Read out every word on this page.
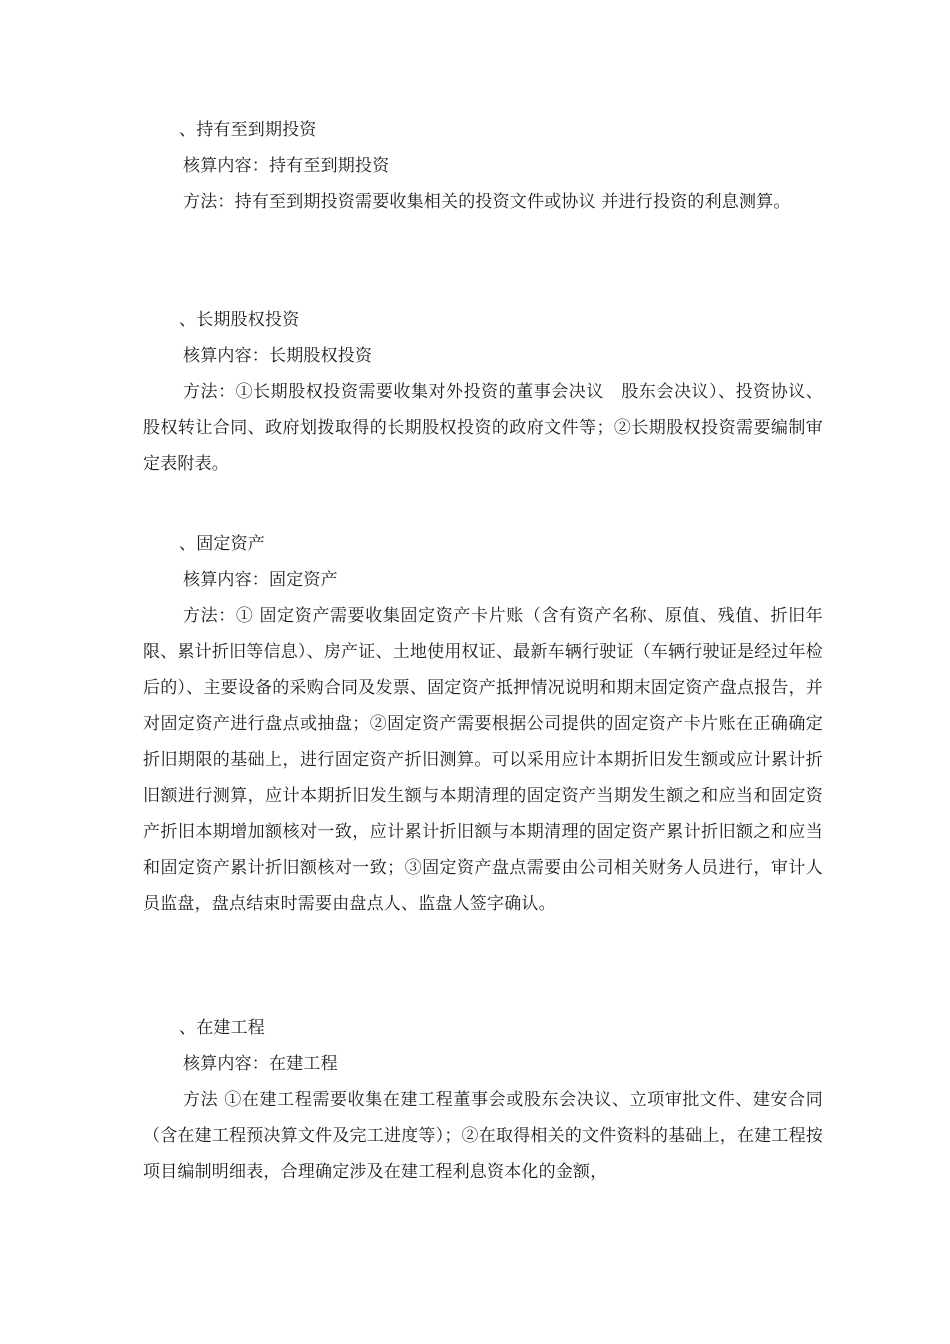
、持有至到期投资
核算内容：持有至到期投资

方法：持有至到期投资需要收集相关的投资文件或协议 并进行投资的利息测算。

、长期股权投资
核算内容：长期股权投资

方法：①长期股权投资需要收集对外投资的董事会决议　股东会决议）、投资协议、股权转让合同、政府划拨取得的长期股权投资的政府文件等；②长期股权投资需要编制审定表附表。

、固定资产
核算内容：固定资产

方法：① 固定资产需要收集固定资产卡片账（含有资产名称、原值、残值、折旧年限、累计折旧等信息）、房产证、土地使用权证、最新车辆行驶证（车辆行驶证是经过年检后的）、主要设备的采购合同及发票、固定资产抵押情况说明和期末固定资产盘点报告，并对固定资产进行盘点或抽盘；②固定资产需要根据公司提供的固定资产卡片账在正确确定折旧期限的基础上，进行固定资产折旧测算。可以采用应计本期折旧发生额或应计累计折旧额进行测算，应计本期折旧发生额与本期清理的固定资产当期发生额之和应当和固定资产折旧本期增加额核对一致，应计累计折旧额与本期清理的固定资产累计折旧额之和应当和固定资产累计折旧额核对一致；③固定资产盘点需要由公司相关财务人员进行，审计人员监盘，盘点结束时需要由盘点人、监盘人签字确认。

、在建工程
核算内容：在建工程

方法 ①在建工程需要收集在建工程董事会或股东会决议、立项审批文件、建安合同（含在建工程预决算文件及完工进度等）；②在取得相关的文件资料的基础上，在建工程按项目编制明细表，合理确定涉及在建工程利息资本化的金额，
